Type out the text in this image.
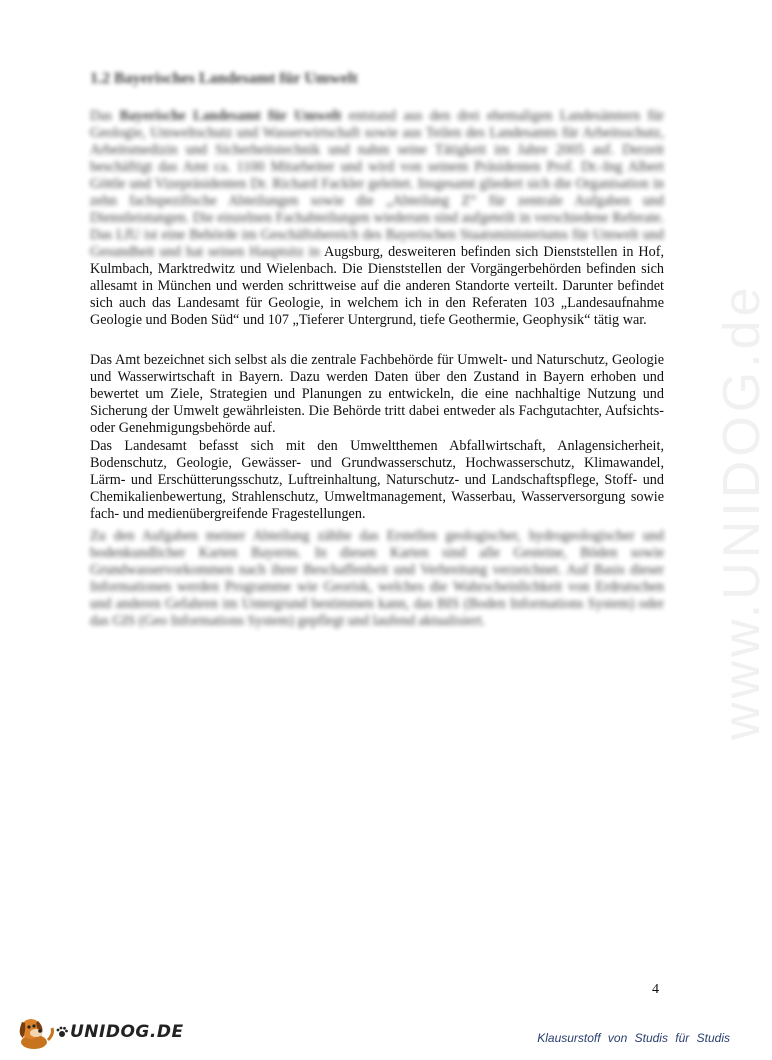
www.UNIDOG.de
1.2 Bayerisches Landesamt für Umwelt

Das Bayerische Landesamt für Umwelt entstand aus den drei ehemaligen Landesämtern für Geologie, Umweltschutz und Wasserwirtschaft sowie aus Teilen des Landesamts für Arbeitsschutz, Arbeitsmedizin und Sicherheitstechnik und nahm seine Tätigkeit im Jahre 2005 auf. Derzeit beschäftigt das Amt ca. 1100 Mitarbeiter und wird von seinem Präsidenten Prof. Dr.-Ing Albert Göttle und Vizepräsidenten Dr. Richard Fackler geleitet. Insgesamt gliedert sich die Organisation in zehn fachspezifische Abteilungen sowie die „Abteilung Z“ für zentrale Aufgaben und Dienstleistungen. Die einzelnen Fachabteilungen wiederum sind aufgeteilt in verschiedene Referate. Das LfU ist eine Behörde im Geschäftsbereich des Bayerischen Staatsministeriums für Umwelt und Gesundheit und hat seinen Hauptsitz in Augsburg, desweiteren befinden sich Dienststellen in Hof, Kulmbach, Marktredwitz und Wielenbach. Die Dienststellen der Vorgängerbehörden befinden sich allesamt in München und werden schrittweise auf die anderen Standorte verteilt. Darunter befindet sich auch das Landesamt für Geologie, in welchem ich in den Referaten 103 „Landesaufnahme Geologie und Boden Süd“ und 107 „Tieferer Untergrund, tiefe Geothermie, Geophysik“ tätig war.

Das Amt bezeichnet sich selbst als die zentrale Fachbehörde für Umwelt- und Naturschutz, Geologie und Wasserwirtschaft in Bayern. Dazu werden Daten über den Zustand in Bayern erhoben und bewertet um Ziele, Strategien und Planungen zu entwickeln, die eine nachhaltige Nutzung und Sicherung der Umwelt gewährleisten. Die Behörde tritt dabei entweder als Fachgutachter, Aufsichts- oder Genehmigungsbehörde auf.

Das Landesamt befasst sich mit den Umweltthemen Abfallwirtschaft, Anlagensicherheit, Bodenschutz, Geologie, Gewässer- und Grundwasserschutz, Hochwasserschutz, Klimawandel, Lärm- und Erschütterungsschutz, Luftreinhaltung, Naturschutz- und Landschaftspflege, Stoff- und Chemikalienbewertung, Strahlenschutz, Umweltmanagement, Wasserbau, Wasserversorgung sowie fach- und medienübergreifende Fragestellungen.

Zu den Aufgaben meiner Abteilung zählte das Erstellen geologischer, hydrogeologischer und bodenkundlicher Karten Bayerns. In diesen Karten sind alle Gesteine, Böden sowie Grundwasservorkommen nach ihrer Beschaffenheit und Verbreitung verzeichnet. Auf Basis dieser Informationen werden Programme wie Georisk, welches die Wahrscheinlichkeit von Erdrutschen und anderen Gefahren im Untergrund bestimmen kann, das BIS (Boden Informations System) oder das GIS (Geo Informations System) gepflegt und laufend aktualisiert.

4
UNIDOG.DE	Klausurstoff von Studis für Studis
